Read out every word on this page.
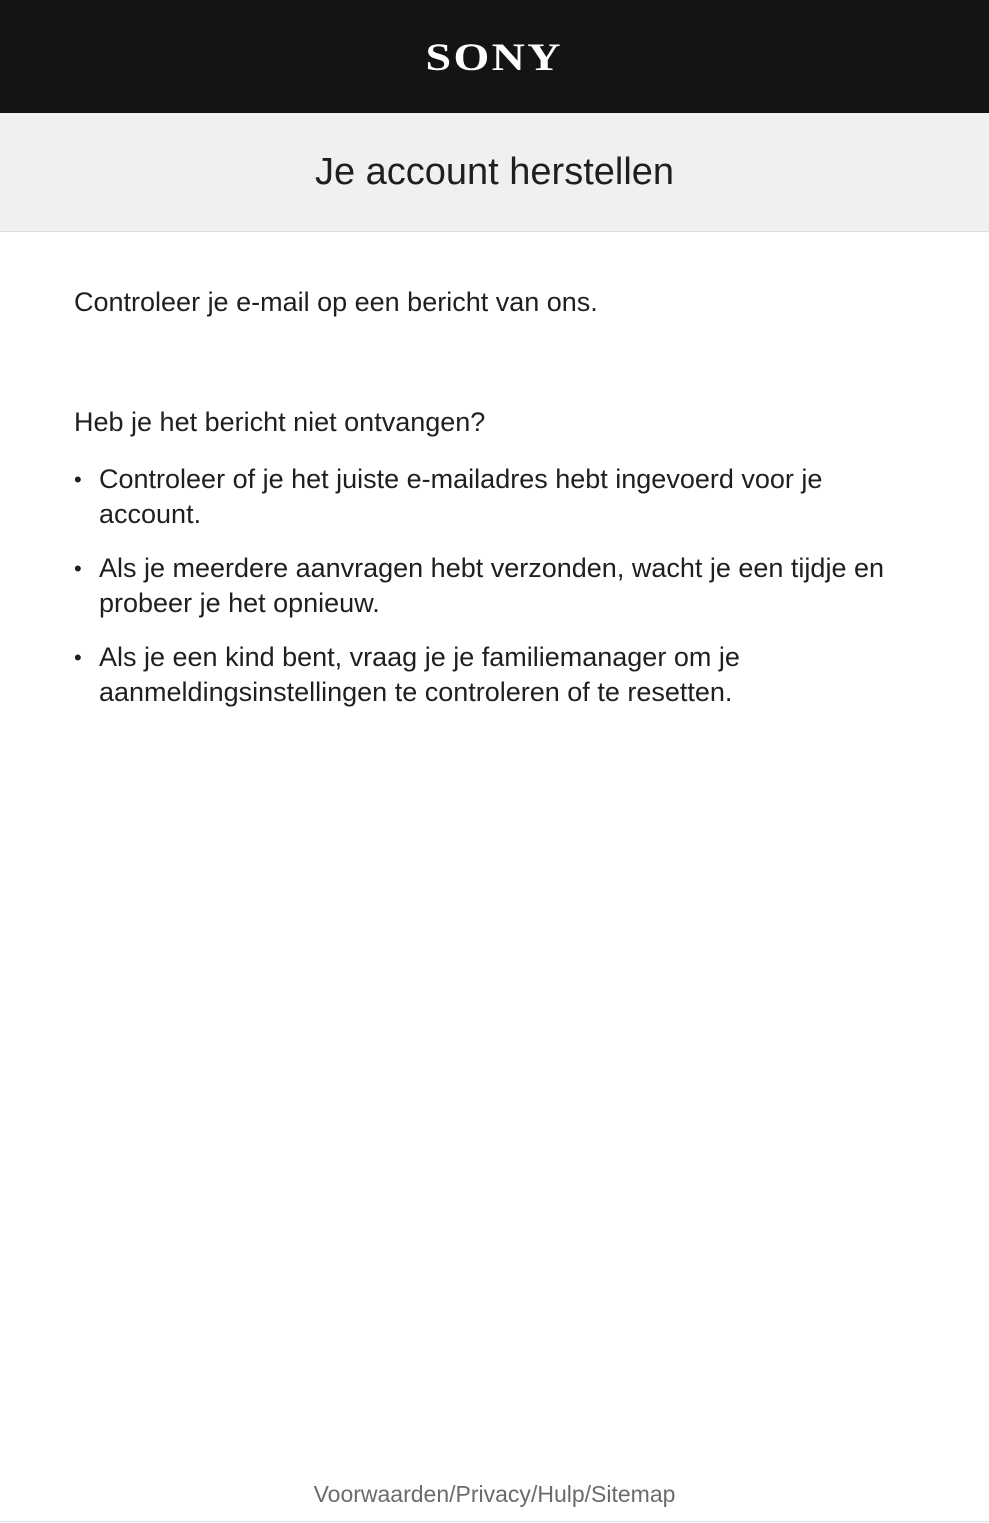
SONY
Je account herstellen

Controleer je e-mail op een bericht van ons.

Heb je het bericht niet ontvangen?

• Controleer of je het juiste e-mailadres hebt ingevoerd voor je account.
• Als je meerdere aanvragen hebt verzonden, wacht je een tijdje en probeer je het opnieuw.
• Als je een kind bent, vraag je je familiemanager om je aanmeldingsinstellingen te controleren of te resetten.
Voorwaarden/Privacy/Hulp/Sitemap
